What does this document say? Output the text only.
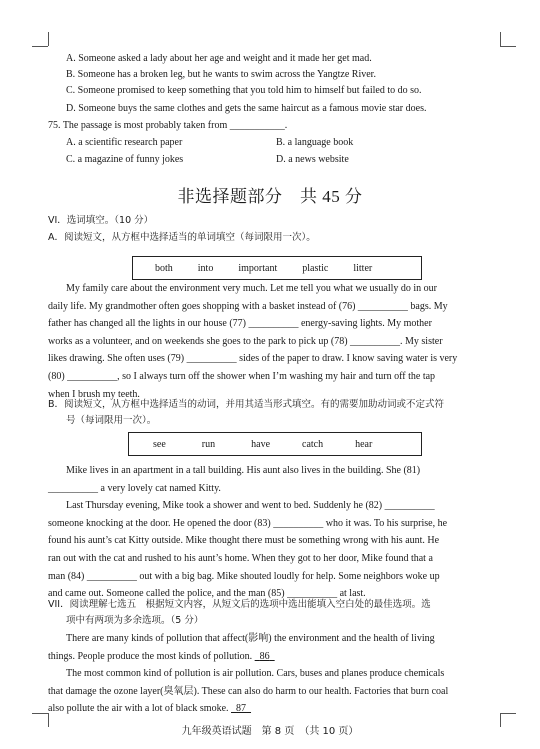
A. Someone asked a lady about her age and weight and it made her get mad.
B. Someone has a broken leg, but he wants to swim across the Yangtze River.
C. Someone promised to keep something that you told him to himself but failed to do so.
D. Someone buys the same clothes and gets the same haircut as a famous movie star does.
75. The passage is most probably taken from ___________.
A. a scientific research paper	B. a language book
C. a magazine of funny jokes	D. a news website
非选择题部分　共 45 分
VI．选词填空。（10 分）
A．阅读短文，从方框中选择适当的单词填空（每词限用一次）。
both	into	important	plastic	litter
My family care about the environment very much. Let me tell you what we usually do in our
daily life. My grandmother often goes shopping with a basket instead of (76) __________ bags. My
father has changed all the lights in our house (77) __________ energy-saving lights. My mother
works as a volunteer, and on weekends she goes to the park to pick up (78) __________. My sister
likes drawing. She often uses (79) __________ sides of the paper to draw. I know saving water is very
(80) __________, so I always turn off the shower when I’m washing my hair and turn off the tap
when I brush my teeth.
B．阅读短文，从方框中选择适当的动词，并用其适当形式填空。有的需要加助动词或不定式符
号（每词限用一次）。
see	run	have	catch	hear
Mike lives in an apartment in a tall building. His aunt also lives in the building. She (81)
__________ a very lovely cat named Kitty.
Last Thursday evening, Mike took a shower and went to bed. Suddenly he (82) __________
someone knocking at the door. He opened the door (83) __________ who it was. To his surprise, he
found his aunt’s cat Kitty outside. Mike thought there must be something wrong with his aunt. He
ran out with the cat and rushed to his aunt’s home. When they got to her door, Mike found that a
man (84) __________ out with a big bag. Mike shouted loudly for help. Some neighbors woke up
and came out. Someone called the police, and the man (85) __________ at last.
VII．阅读理解七选五　根据短文内容，从短文后的选项中选出能填入空白处的最佳选项。选
项中有两项为多余选项。（5 分）
There are many kinds of pollution that affect(影响) the environment and the health of living
things. People produce the most kinds of pollution.   86
The most common kind of pollution is air pollution. Cars, buses and planes produce chemicals
that damage the ozone layer(臭氧层). These can also do harm to our health. Factories that burn coal
also pollute the air with a lot of black smoke.   87
九年级英语试题　第 8 页　（共 10 页）
